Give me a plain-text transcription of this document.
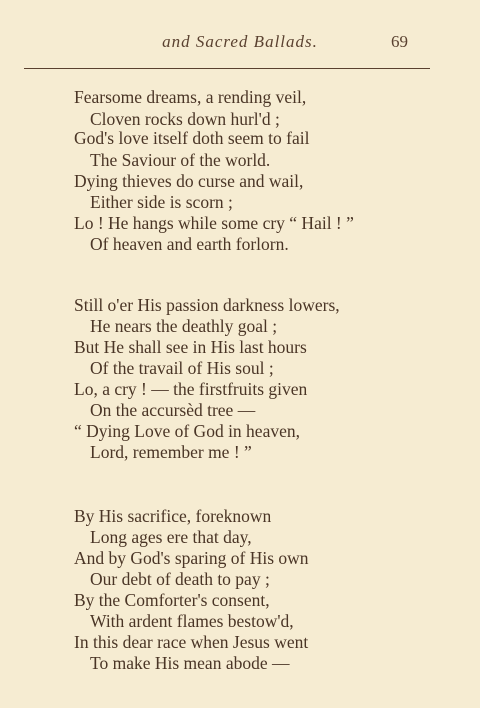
and Sacred Ballads.	69
Fearsome dreams, a rending veil,
Cloven rocks down hurl'd ;
God's love itself doth seem to fail
The Saviour of the world.
Dying thieves do curse and wail,
Either side is scorn ;
Lo ! He hangs while some cry “ Hail ! ”
Of heaven and earth forlorn.
Still o'er His passion darkness lowers,
He nears the deathly goal ;
But He shall see in His last hours
Of the travail of His soul ;
Lo, a cry ! — the firstfruits given
On the accursèd tree —
“ Dying Love of God in heaven,
Lord, remember me ! ”
By His sacrifice, foreknown
Long ages ere that day,
And by God's sparing of His own
Our debt of death to pay ;
By the Comforter's consent,
With ardent flames bestow'd,
In this dear race when Jesus went
To make His mean abode —
